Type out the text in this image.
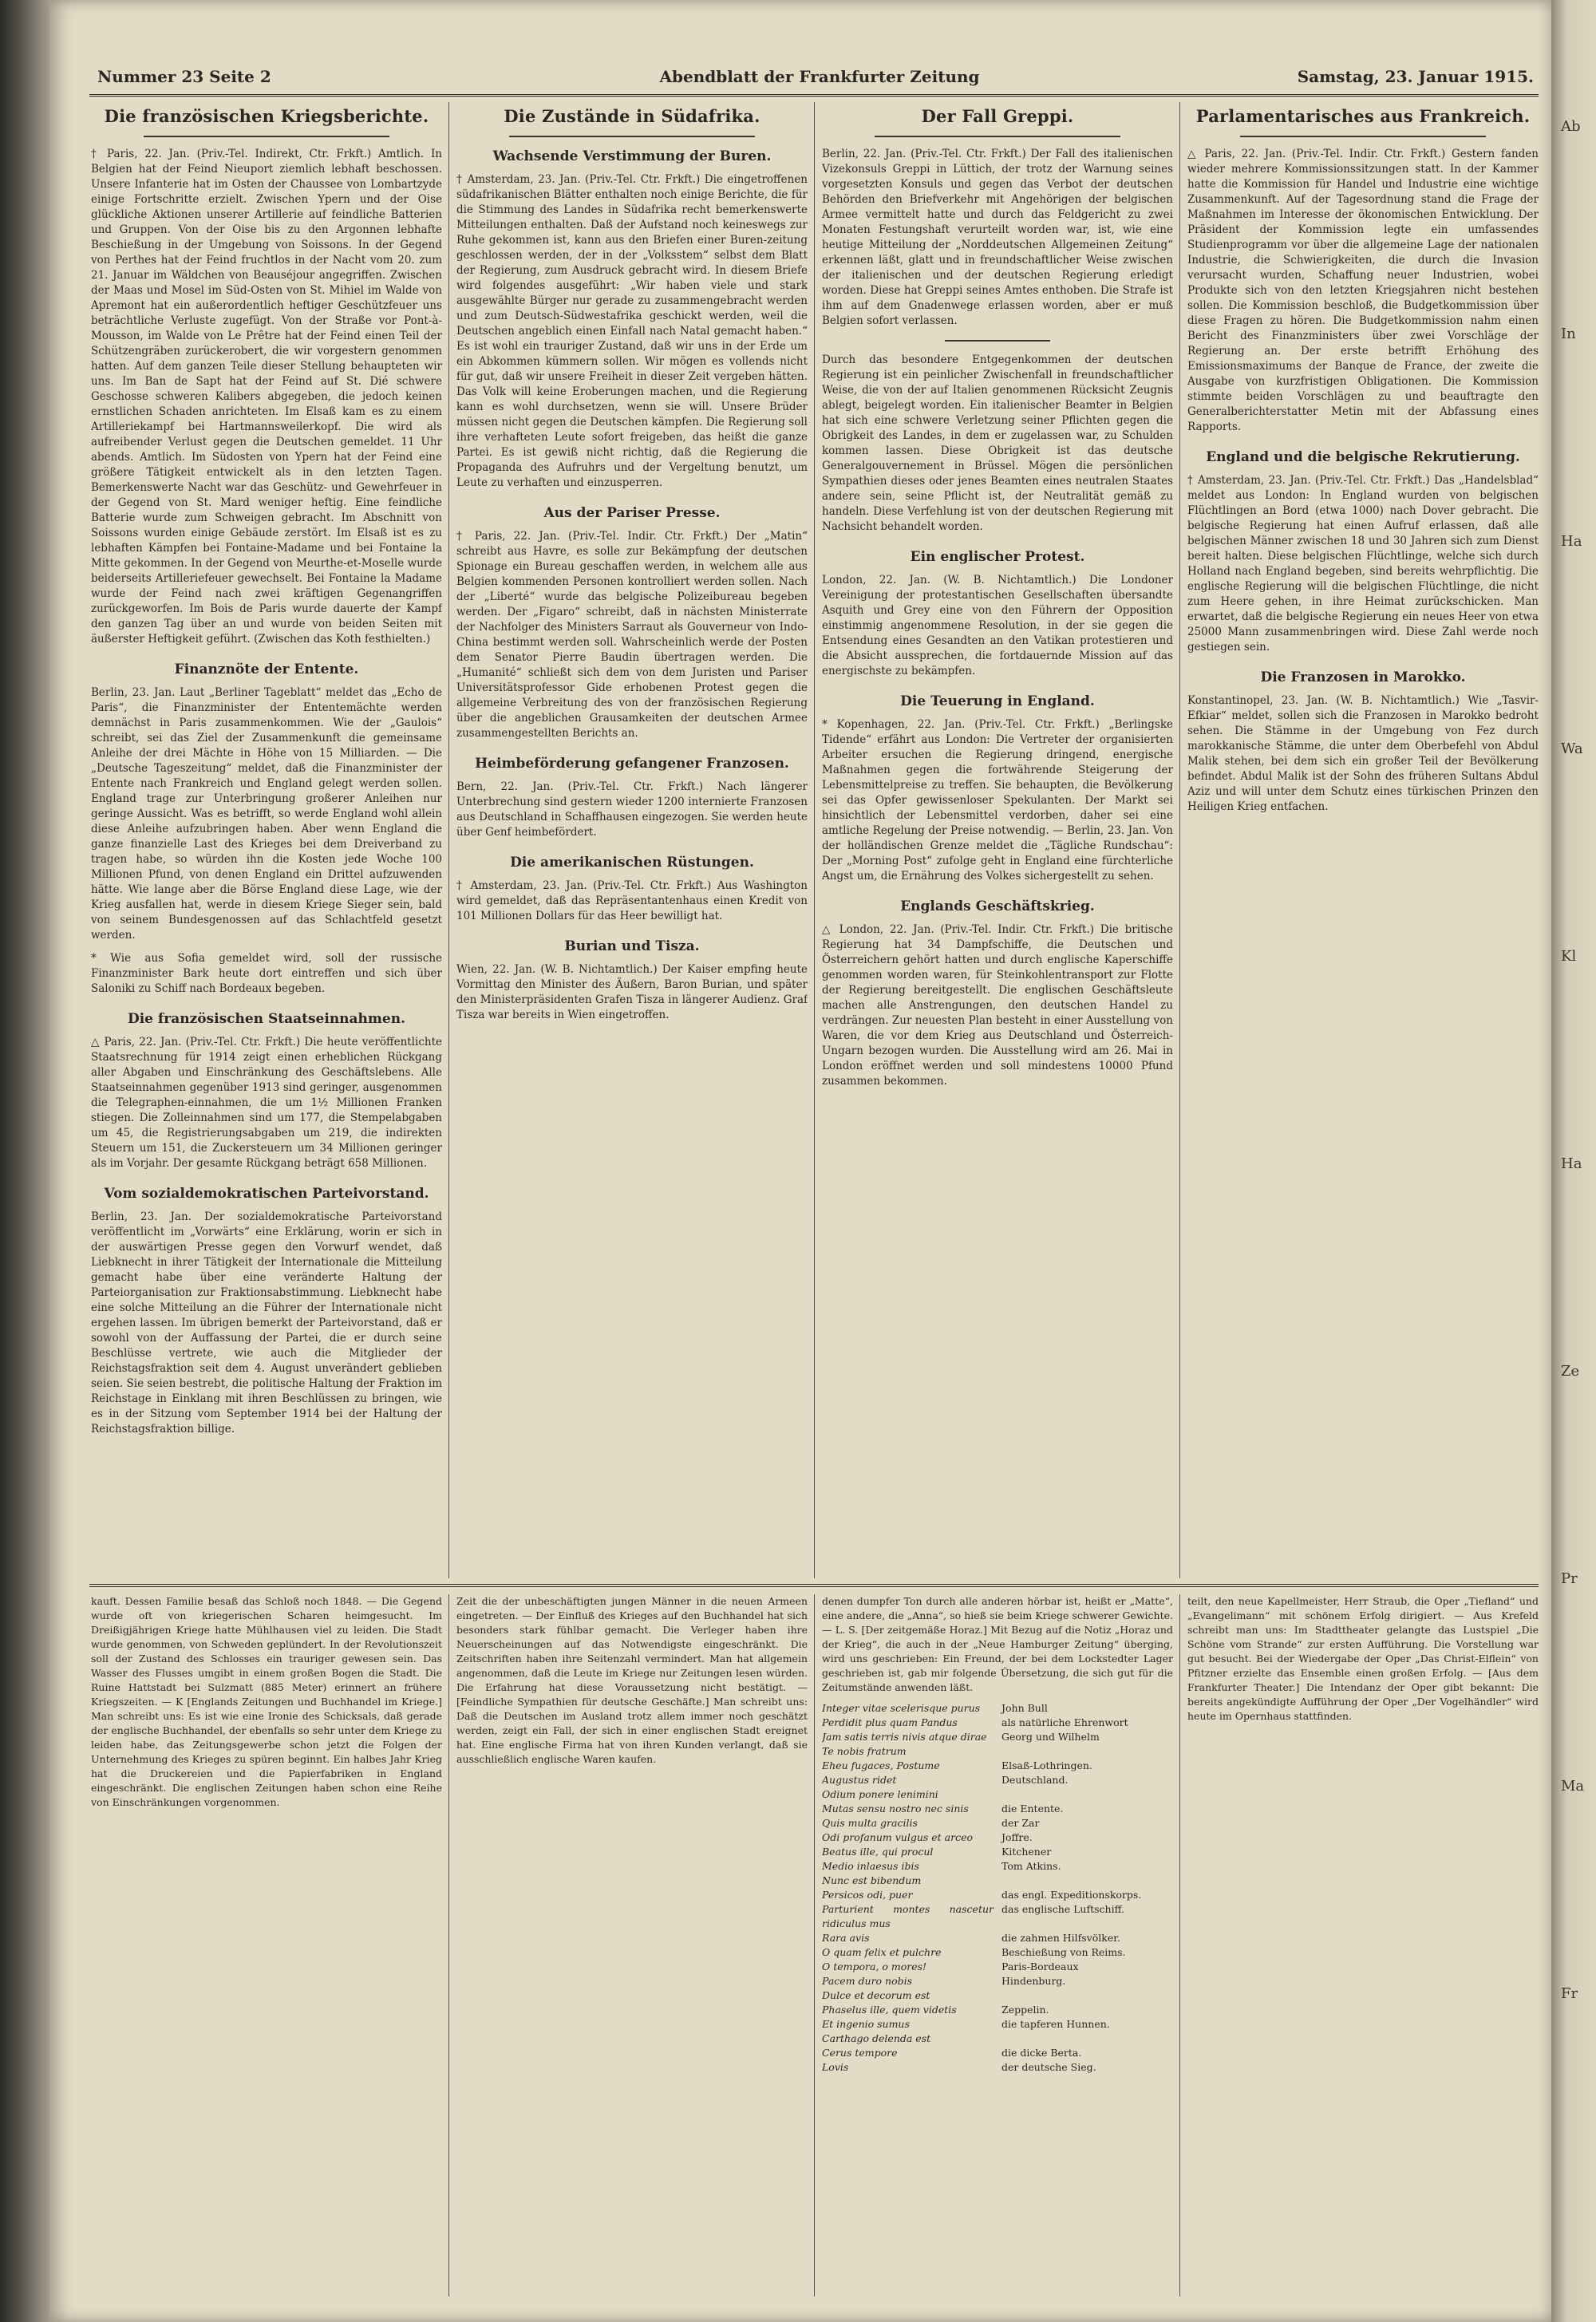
Nummer 23 Seite 2	Abendblatt der Frankfurter Zeitung	Samstag, 23. Januar 1915.
Die französischen Kriegsberichte.

† Paris, 22. Jan. (Priv.-Tel. Indirekt, Ctr. Frkft.) Amtlich. In Belgien hat der Feind Nieuport ziemlich lebhaft beschossen. Unsere Infanterie hat im Osten der Chaussee von Lombartzyde einige Fortschritte erzielt. Zwischen Ypern und der Oise glückliche Aktionen unserer Artillerie auf feindliche Batterien und Gruppen. Von der Oise bis zu den Argonnen lebhafte Beschießung in der Umgebung von Soissons. In der Gegend von Perthes hat der Feind fruchtlos in der Nacht vom 20. zum 21. Januar im Wäldchen von Beauséjour angegriffen. Zwischen der Maas und Mosel im Süd-Osten von St. Mihiel im Walde von Apremont hat ein außerordentlich heftiger Geschützfeuer uns beträchtliche Verluste zugefügt. Von der Straße vor Pont-à-Mousson, im Walde von Le Prêtre hat der Feind einen Teil der Schützengräben zurückerobert, die wir vorgestern genommen hatten. Auf dem ganzen Teile dieser Stellung behaupteten wir uns. Im Ban de Sapt hat der Feind auf St. Dié schwere Geschosse schweren Kalibers abgegeben, die jedoch keinen ernstlichen Schaden anrichteten. Im Elsaß kam es zu einem Artilleriekampf bei Hartmannsweilerkopf. Die wird als aufreibender Verlust gegen die Deutschen gemeldet. 11 Uhr abends. Amtlich. Im Südosten von Ypern hat der Feind eine größere Tätigkeit entwickelt als in den letzten Tagen. Bemerkenswerte Nacht war das Geschütz- und Gewehrfeuer in der Gegend von St. Mard weniger heftig. Eine feindliche Batterie wurde zum Schweigen gebracht. Im Abschnitt von Soissons wurden einige Gebäude zerstört. Im Elsaß ist es zu lebhaften Kämpfen bei Fontaine-Madame und bei Fontaine la Mitte gekommen. In der Gegend von Meurthe-et-Moselle wurde beiderseits Artilleriefeuer gewechselt. Bei Fontaine la Madame wurde der Feind nach zwei kräftigen Gegenangriffen zurückgeworfen. Im Bois de Paris wurde dauerte der Kampf den ganzen Tag über an und wurde von beiden Seiten mit äußerster Heftigkeit geführt. (Zwischen das Koth festhielten.)

Finanznöte der Entente.

Berlin, 23. Jan. Laut „Berliner Tageblatt“ meldet das „Echo de Paris“, die Finanzminister der Ententemächte werden demnächst in Paris zusammenkommen. Wie der „Gaulois“ schreibt, sei das Ziel der Zusammenkunft die gemeinsame Anleihe der drei Mächte in Höhe von 15 Milliarden. — Die „Deutsche Tageszeitung“ meldet, daß die Finanzminister der Entente nach Frankreich und England gelegt werden sollen. England trage zur Unterbringung großerer Anleihen nur geringe Aussicht. Was es betrifft, so werde England wohl allein diese Anleihe aufzubringen haben. Aber wenn England die ganze finanzielle Last des Krieges bei dem Dreiverband zu tragen habe, so würden ihn die Kosten jede Woche 100 Millionen Pfund, von denen England ein Drittel aufzuwenden hätte. Wie lange aber die Börse England diese Lage, wie der Krieg ausfallen hat, werde in diesem Kriege Sieger sein, bald von seinem Bundesgenossen auf das Schlachtfeld gesetzt werden.

* Wie aus Sofia gemeldet wird, soll der russische Finanzminister Bark heute dort eintreffen und sich über Saloniki zu Schiff nach Bordeaux begeben.

Die französischen Staatseinnahmen.

△ Paris, 22. Jan. (Priv.-Tel. Ctr. Frkft.) Die heute veröffentlichte Staatsrechnung für 1914 zeigt einen erheblichen Rückgang aller Abgaben und Einschränkung des Geschäftslebens. Alle Staatseinnahmen gegenüber 1913 sind geringer, ausgenommen die Telegraphen-einnahmen, die um 1½ Millionen Franken stiegen. Die Zolleinnahmen sind um 177, die Stempelabgaben um 45, die Registrierungsabgaben um 219, die indirekten Steuern um 151, die Zuckersteuern um 34 Millionen geringer als im Vorjahr. Der gesamte Rückgang beträgt 658 Millionen.

Vom sozialdemokratischen Parteivorstand.

Berlin, 23. Jan. Der sozialdemokratische Parteivorstand veröffentlicht im „Vorwärts“ eine Erklärung, worin er sich in der auswärtigen Presse gegen den Vorwurf wendet, daß Liebknecht in ihrer Tätigkeit der Internationale die Mitteilung gemacht habe über eine veränderte Haltung der Parteiorganisation zur Fraktionsabstimmung. Liebknecht habe eine solche Mitteilung an die Führer der Internationale nicht ergehen lassen. Im übrigen bemerkt der Parteivorstand, daß er sowohl von der Auffassung der Partei, die er durch seine Beschlüsse vertrete, wie auch die Mitglieder der Reichstagsfraktion seit dem 4. August unverändert geblieben seien. Sie seien bestrebt, die politische Haltung der Fraktion im Reichstage in Einklang mit ihren Beschlüssen zu bringen, wie es in der Sitzung vom September 1914 bei der Haltung der Reichstagsfraktion billige.

Die Zustände in Südafrika.
Wachsende Verstimmung der Buren.

† Amsterdam, 23. Jan. (Priv.-Tel. Ctr. Frkft.) Die eingetroffenen südafrikanischen Blätter enthalten noch einige Berichte, die für die Stimmung des Landes in Südafrika recht bemerkenswerte Mitteilungen enthalten. Daß der Aufstand noch keineswegs zur Ruhe gekommen ist, kann aus den Briefen einer Buren-zeitung geschlossen werden, der in der „Volksstem“ selbst dem Blatt der Regierung, zum Ausdruck gebracht wird. In diesem Briefe wird folgendes ausgeführt: „Wir haben viele und stark ausgewählte Bürger nur gerade zu zusammengebracht werden und zum Deutsch-Südwestafrika geschickt werden, weil die Deutschen angeblich einen Einfall nach Natal gemacht haben.“ Es ist wohl ein trauriger Zustand, daß wir uns in der Erde um ein Abkommen kümmern sollen. Wir mögen es vollends nicht für gut, daß wir unsere Freiheit in dieser Zeit vergeben hätten. Das Volk will keine Eroberungen machen, und die Regierung kann es wohl durchsetzen, wenn sie will. Unsere Brüder müssen nicht gegen die Deutschen kämpfen. Die Regierung soll ihre verhafteten Leute sofort freigeben, das heißt die ganze Partei. Es ist gewiß nicht richtig, daß die Regierung die Propaganda des Aufruhrs und der Vergeltung benutzt, um Leute zu verhaften und einzusperren.

Aus der Pariser Presse.

† Paris, 22. Jan. (Priv.-Tel. Indir. Ctr. Frkft.) Der „Matin“ schreibt aus Havre, es solle zur Bekämpfung der deutschen Spionage ein Bureau geschaffen werden, in welchem alle aus Belgien kommenden Personen kontrolliert werden sollen. Nach der „Liberté“ wurde das belgische Polizeibureau begeben werden. Der „Figaro“ schreibt, daß in nächsten Ministerrate der Nachfolger des Ministers Sarraut als Gouverneur von Indo-China bestimmt werden soll. Wahrscheinlich werde der Posten dem Senator Pierre Baudin übertragen werden. Die „Humanité“ schließt sich dem von dem Juristen und Pariser Universitätsprofessor Gide erhobenen Protest gegen die allgemeine Verbreitung des von der französischen Regierung über die angeblichen Grausamkeiten der deutschen Armee zusammengestellten Berichts an.

Heimbeförderung gefangener Franzosen.

Bern, 22. Jan. (Priv.-Tel. Ctr. Frkft.) Nach längerer Unterbrechung sind gestern wieder 1200 internierte Franzosen aus Deutschland in Schaffhausen eingezogen. Sie werden heute über Genf heimbefördert.

Die amerikanischen Rüstungen.

† Amsterdam, 23. Jan. (Priv.-Tel. Ctr. Frkft.) Aus Washington wird gemeldet, daß das Repräsentantenhaus einen Kredit von 101 Millionen Dollars für das Heer bewilligt hat.

Burian und Tisza.

Wien, 22. Jan. (W. B. Nichtamtlich.) Der Kaiser empfing heute Vormittag den Minister des Äußern, Baron Burian, und später den Ministerpräsidenten Grafen Tisza in längerer Audienz. Graf Tisza war bereits in Wien eingetroffen.

Der Fall Greppi.

Berlin, 22. Jan. (Priv.-Tel. Ctr. Frkft.) Der Fall des italienischen Vizekonsuls Greppi in Lüttich, der trotz der Warnung seines vorgesetzten Konsuls und gegen das Verbot der deutschen Behörden den Briefverkehr mit Angehörigen der belgischen Armee vermittelt hatte und durch das Feldgericht zu zwei Monaten Festungshaft verurteilt worden war, ist, wie eine heutige Mitteilung der „Norddeutschen Allgemeinen Zeitung“ erkennen läßt, glatt und in freundschaftlicher Weise zwischen der italienischen und der deutschen Regierung erledigt worden. Diese hat Greppi seines Amtes enthoben. Die Strafe ist ihm auf dem Gnadenwege erlassen worden, aber er muß Belgien sofort verlassen.

Durch das besondere Entgegenkommen der deutschen Regierung ist ein peinlicher Zwischenfall in freundschaftlicher Weise, die von der auf Italien genommenen Rücksicht Zeugnis ablegt, beigelegt worden. Ein italienischer Beamter in Belgien hat sich eine schwere Verletzung seiner Pflichten gegen die Obrigkeit des Landes, in dem er zugelassen war, zu Schulden kommen lassen. Diese Obrigkeit ist das deutsche Generalgouvernement in Brüssel. Mögen die persönlichen Sympathien dieses oder jenes Beamten eines neutralen Staates andere sein, seine Pflicht ist, der Neutralität gemäß zu handeln. Diese Verfehlung ist von der deutschen Regierung mit Nachsicht behandelt worden.

Ein englischer Protest.

London, 22. Jan. (W. B. Nichtamtlich.) Die Londoner Vereinigung der protestantischen Gesellschaften übersandte Asquith und Grey eine von den Führern der Opposition einstimmig angenommene Resolution, in der sie gegen die Entsendung eines Gesandten an den Vatikan protestieren und die Absicht aussprechen, die fortdauernde Mission auf das energischste zu bekämpfen.

Die Teuerung in England.

* Kopenhagen, 22. Jan. (Priv.-Tel. Ctr. Frkft.) „Berlingske Tidende“ erfährt aus London: Die Vertreter der organisierten Arbeiter ersuchen die Regierung dringend, energische Maßnahmen gegen die fortwährende Steigerung der Lebensmittelpreise zu treffen. Sie behaupten, die Bevölkerung sei das Opfer gewissenloser Spekulanten. Der Markt sei hinsichtlich der Lebensmittel verdorben, daher sei eine amtliche Regelung der Preise notwendig. — Berlin, 23. Jan. Von der holländischen Grenze meldet die „Tägliche Rundschau“: Der „Morning Post“ zufolge geht in England eine fürchterliche Angst um, die Ernährung des Volkes sichergestellt zu sehen.

Englands Geschäftskrieg.

△ London, 22. Jan. (Priv.-Tel. Indir. Ctr. Frkft.) Die britische Regierung hat 34 Dampfschiffe, die Deutschen und Österreichern gehört hatten und durch englische Kaperschiffe genommen worden waren, für Steinkohlentransport zur Flotte der Regierung bereitgestellt. Die englischen Geschäftsleute machen alle Anstrengungen, den deutschen Handel zu verdrängen. Zur neuesten Plan besteht in einer Ausstellung von Waren, die vor dem Krieg aus Deutschland und Österreich-Ungarn bezogen wurden. Die Ausstellung wird am 26. Mai in London eröffnet werden und soll mindestens 10000 Pfund zusammen bekommen.

Parlamentarisches aus Frankreich.

△ Paris, 22. Jan. (Priv.-Tel. Indir. Ctr. Frkft.) Gestern fanden wieder mehrere Kommissionssitzungen statt. In der Kammer hatte die Kommission für Handel und Industrie eine wichtige Zusammenkunft. Auf der Tagesordnung stand die Frage der Maßnahmen im Interesse der ökonomischen Entwicklung. Der Präsident der Kommission legte ein umfassendes Studienprogramm vor über die allgemeine Lage der nationalen Industrie, die Schwierigkeiten, die durch die Invasion verursacht wurden, Schaffung neuer Industrien, wobei Produkte sich von den letzten Kriegsjahren nicht bestehen sollen. Die Kommission beschloß, die Budgetkommission über diese Fragen zu hören. Die Budgetkommission nahm einen Bericht des Finanzministers über zwei Vorschläge der Regierung an. Der erste betrifft Erhöhung des Emissionsmaximums der Banque de France, der zweite die Ausgabe von kurzfristigen Obligationen. Die Kommission stimmte beiden Vorschlägen zu und beauftragte den Generalberichterstatter Metin mit der Abfassung eines Rapports.

England und die belgische Rekrutierung.

† Amsterdam, 23. Jan. (Priv.-Tel. Ctr. Frkft.) Das „Handelsblad“ meldet aus London: In England wurden von belgischen Flüchtlingen an Bord (etwa 1000) nach Dover gebracht. Die belgische Regierung hat einen Aufruf erlassen, daß alle belgischen Männer zwischen 18 und 30 Jahren sich zum Dienst bereit halten. Diese belgischen Flüchtlinge, welche sich durch Holland nach England begeben, sind bereits wehrpflichtig. Die englische Regierung will die belgischen Flüchtlinge, die nicht zum Heere gehen, in ihre Heimat zurückschicken. Man erwartet, daß die belgische Regierung ein neues Heer von etwa 25000 Mann zusammenbringen wird. Diese Zahl werde noch gestiegen sein.

Die Franzosen in Marokko.

Konstantinopel, 23. Jan. (W. B. Nichtamtlich.) Wie „Tasvir-Efkiar“ meldet, sollen sich die Franzosen in Marokko bedroht sehen. Die Stämme in der Umgebung von Fez durch marokkanische Stämme, die unter dem Oberbefehl von Abdul Malik stehen, bei dem sich ein großer Teil der Bevölkerung befindet. Abdul Malik ist der Sohn des früheren Sultans Abdul Aziz und will unter dem Schutz eines türkischen Prinzen den Heiligen Krieg entfachen.

kauft. Dessen Familie besaß das Schloß noch 1848. — Die Gegend wurde oft von kriegerischen Scharen heimgesucht. Im Dreißigjährigen Kriege hatte Mühlhausen viel zu leiden. Die Stadt wurde genommen, von Schweden geplündert. In der Revolutionszeit soll der Zustand des Schlosses ein trauriger gewesen sein. Das Wasser des Flusses umgibt in einem großen Bogen die Stadt. Die Ruine Hattstadt bei Sulzmatt (885 Meter) erinnert an frühere Kriegszeiten. — K [Englands Zeitungen und Buchhandel im Kriege.] Man schreibt uns: Es ist wie eine Ironie des Schicksals, daß gerade der englische Buchhandel, der ebenfalls so sehr unter dem Kriege zu leiden habe, das Zeitungsgewerbe schon jetzt die Folgen der Unternehmung des Krieges zu spüren beginnt. Ein halbes Jahr Krieg hat die Druckereien und die Papierfabriken in England eingeschränkt. Die englischen Zeitungen haben schon eine Reihe von Einschränkungen vorgenommen.

Zeit die der unbeschäftigten jungen Männer in die neuen Armeen eingetreten. — Der Einfluß des Krieges auf den Buchhandel hat sich besonders stark fühlbar gemacht. Die Verleger haben ihre Neuerscheinungen auf das Notwendigste eingeschränkt. Die Zeitschriften haben ihre Seitenzahl vermindert. Man hat allgemein angenommen, daß die Leute im Kriege nur Zeitungen lesen würden. Die Erfahrung hat diese Voraussetzung nicht bestätigt. — [Feindliche Sympathien für deutsche Geschäfte.] Man schreibt uns: Daß die Deutschen im Ausland trotz allem immer noch geschätzt werden, zeigt ein Fall, der sich in einer englischen Stadt ereignet hat. Eine englische Firma hat von ihren Kunden verlangt, daß sie ausschließlich englische Waren kaufen.

denen dumpfer Ton durch alle anderen hörbar ist, heißt er „Matte“, eine andere, die „Anna“, so hieß sie beim Kriege schwerer Gewichte. — L. S. [Der zeitgemäße Horaz.] Mit Bezug auf die Notiz „Horaz und der Krieg“, die auch in der „Neue Hamburger Zeitung“ überging, wird uns geschrieben: Ein Freund, der bei dem Lockstedter Lager geschrieben ist, gab mir folgende Übersetzung, die sich gut für die Zeitumstände anwenden läßt.

Integer vitae scelerisque purus
Perdidit plus quam Pandus
Jam satis terris nivis atque dirae
Te nobis fratrum
Eheu fugaces, Postume
Augustus ridet
Odium ponere lenimini
Mutas sensu nostro nec sinis
Quis multa gracilis
Odi profanum vulgus et arceo
Beatus ille, qui procul
Medio inlaesus ibis
Nunc est bibendum
Persicos odi, puer
Parturient montes nascetur ridiculus mus
Rara avis
O quam felix et pulchre
O tempora, o mores!
Pacem duro nobis
Dulce et decorum est
Phaselus ille, quem videtis
Et ingenio sumus
Carthago delenda est
Cerus tempore
Lovis
John Bull
als natürliche Ehrenwort
Georg und Wilhelm

Elsaß-Lothringen.
Deutschland.

die Entente.
der Zar
Joffre.
Kitchener
Tom Atkins.

das engl. Expeditionskorps.
das englische Luftschiff.

die zahmen Hilfsvölker.
Beschießung von Reims.
Paris-Bordeaux
Hindenburg.

Zeppelin.
die tapferen Hunnen.

die dicke Berta.
der deutsche Sieg.

teilt, den neue Kapellmeister, Herr Straub, die Oper „Tiefland“ und „Evangelimann“ mit schönem Erfolg dirigiert. — Aus Krefeld schreibt man uns: Im Stadttheater gelangte das Lustspiel „Die Schöne vom Strande“ zur ersten Aufführung. Die Vorstellung war gut besucht. Bei der Wiedergabe der Oper „Das Christ-Elflein“ von Pfitzner erzielte das Ensemble einen großen Erfolg. — [Aus dem Frankfurter Theater.] Die Intendanz der Oper gibt bekannt: Die bereits angekündigte Aufführung der Oper „Der Vogelhändler“ wird heute im Opernhaus stattfinden.

Ab
In
Ha
Wa
Kl
Ha
Ze
Pr
Ma
Fr
